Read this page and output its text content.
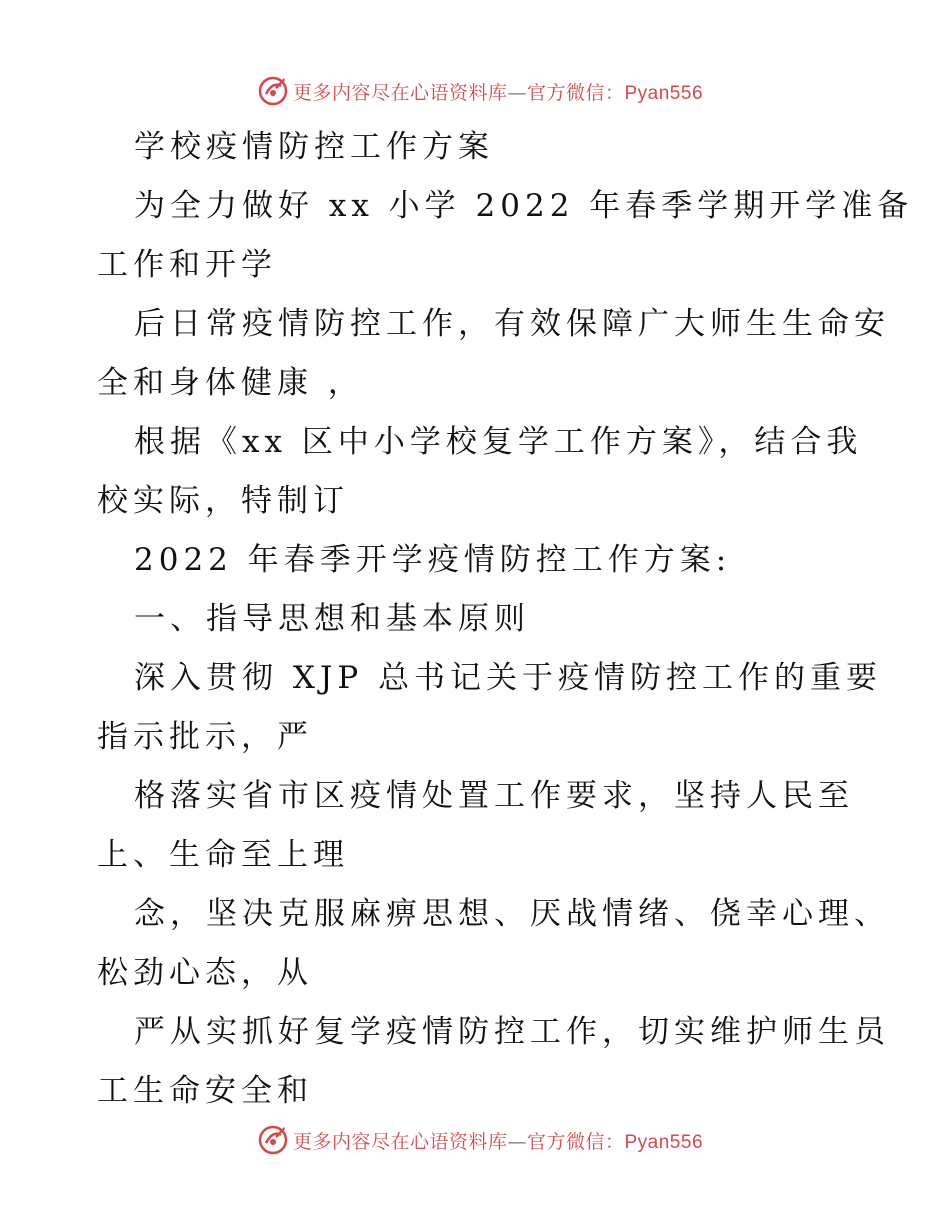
更多内容尽在心语资料库—官方微信：Pyan556
学校疫情防控工作方案
为全力做好 xx 小学 2022 年春季学期开学准备
工作和开学
后日常疫情防控工作，有效保障广大师生生命安
全和身体健康 ，
根据《xx 区中小学校复学工作方案》，结合我
校实际，特制订
2022 年春季开学疫情防控工作方案:
一、指导思想和基本原则
深入贯彻 XJP 总书记关于疫情防控工作的重要
指示批示，严
格落实省市区疫情处置工作要求，坚持人民至
上、生命至上理
念，坚决克服麻痹思想、厌战情绪、侥幸心理、
松劲心态，从
严从实抓好复学疫情防控工作，切实维护师生员
工生命安全和
更多内容尽在心语资料库—官方微信：Pyan556
